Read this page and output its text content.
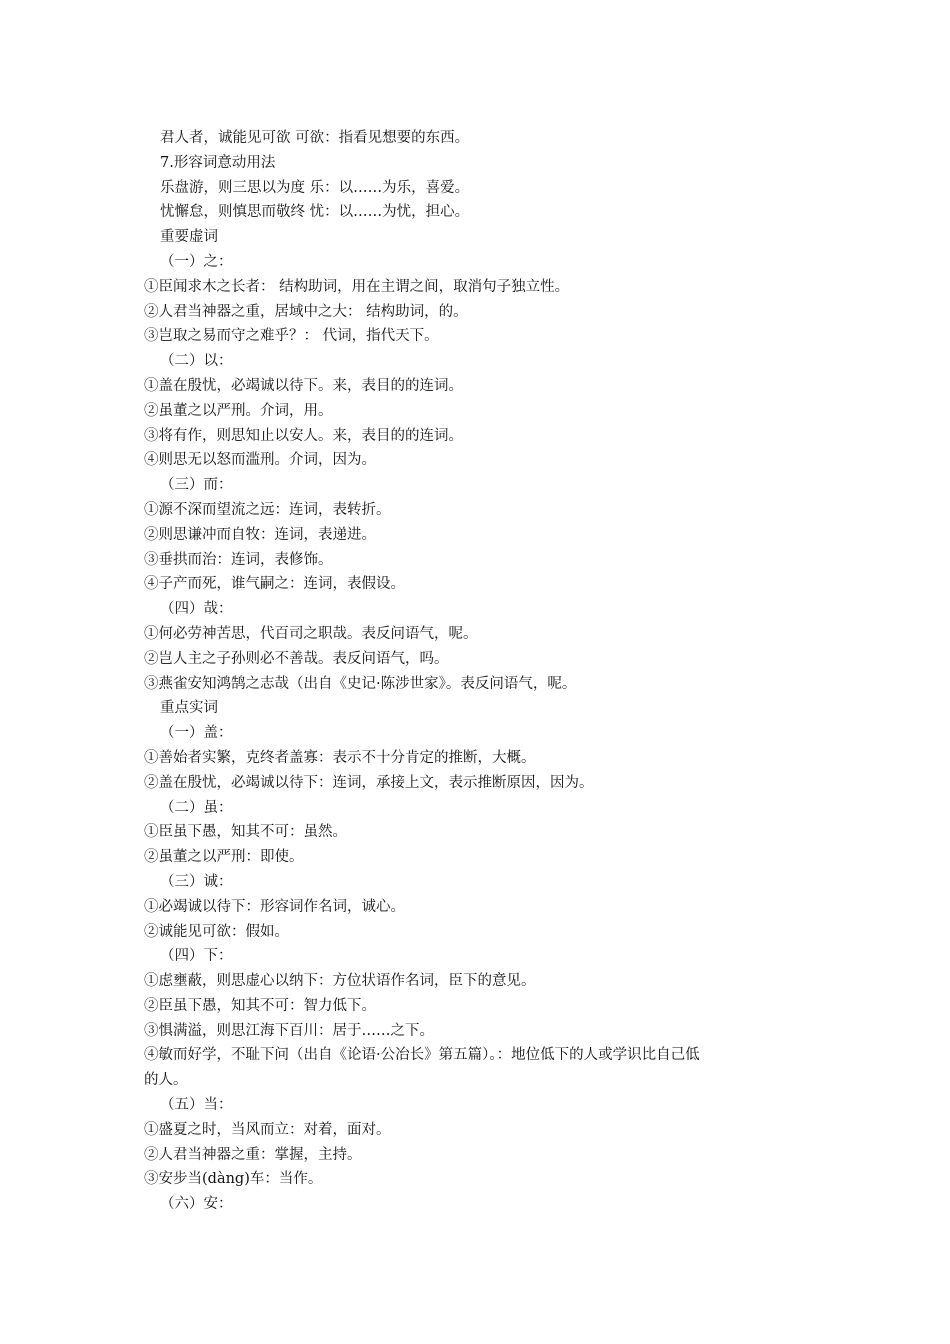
君人者，诚能见可欲 可欲：指看见想要的东西。
7.形容词意动用法
乐盘游，则三思以为度 乐：以……为乐，喜爱。
忧懈怠，则慎思而敬终 忧：以……为忧，担心。
重要虚词
（一）之：
①臣闻求木之长者： 结构助词，用在主谓之间，取消句子独立性。
②人君当神器之重，居域中之大： 结构助词，的。
③岂取之易而守之难乎？： 代词，指代天下。
（二）以：
①盖在殷忧，必竭诚以待下。来，表目的的连词。
②虽董之以严刑。介词，用。
③将有作，则思知止以安人。来，表目的的连词。
④则思无以怒而滥刑。介词，因为。
（三）而：
①源不深而望流之远：连词，表转折。
②则思谦冲而自牧：连词，表递进。
③垂拱而治：连词，表修饰。
④子产而死，谁气嗣之：连词，表假设。
（四）哉：
①何必劳神苦思，代百司之职哉。表反问语气，呢。
②岂人主之子孙则必不善哉。表反问语气，吗。
③燕雀安知鸿鹄之志哉（出自《史记·陈涉世家》。表反问语气，呢。
重点实词
（一）盖：
①善始者实繁，克终者盖寡：表示不十分肯定的推断，大概。
②盖在殷忧，必竭诚以待下：连词，承接上文，表示推断原因，因为。
（二）虽：
①臣虽下愚，知其不可：虽然。
②虽董之以严刑：即使。
（三）诚：
①必竭诚以待下：形容词作名词，诚心。
②诚能见可欲：假如。
（四）下：
①虑壅蔽，则思虚心以纳下：方位状语作名词，臣下的意见。
②臣虽下愚，知其不可：智力低下。
③惧满溢，则思江海下百川：居于……之下。
④敏而好学，不耻下问（出自《论语·公冶长》第五篇）。：地位低下的人或学识比自己低
的人。
（五）当：
①盛夏之时，当风而立：对着，面对。
②人君当神器之重：掌握，主持。
③安步当(dàng)车：当作。
（六）安：
